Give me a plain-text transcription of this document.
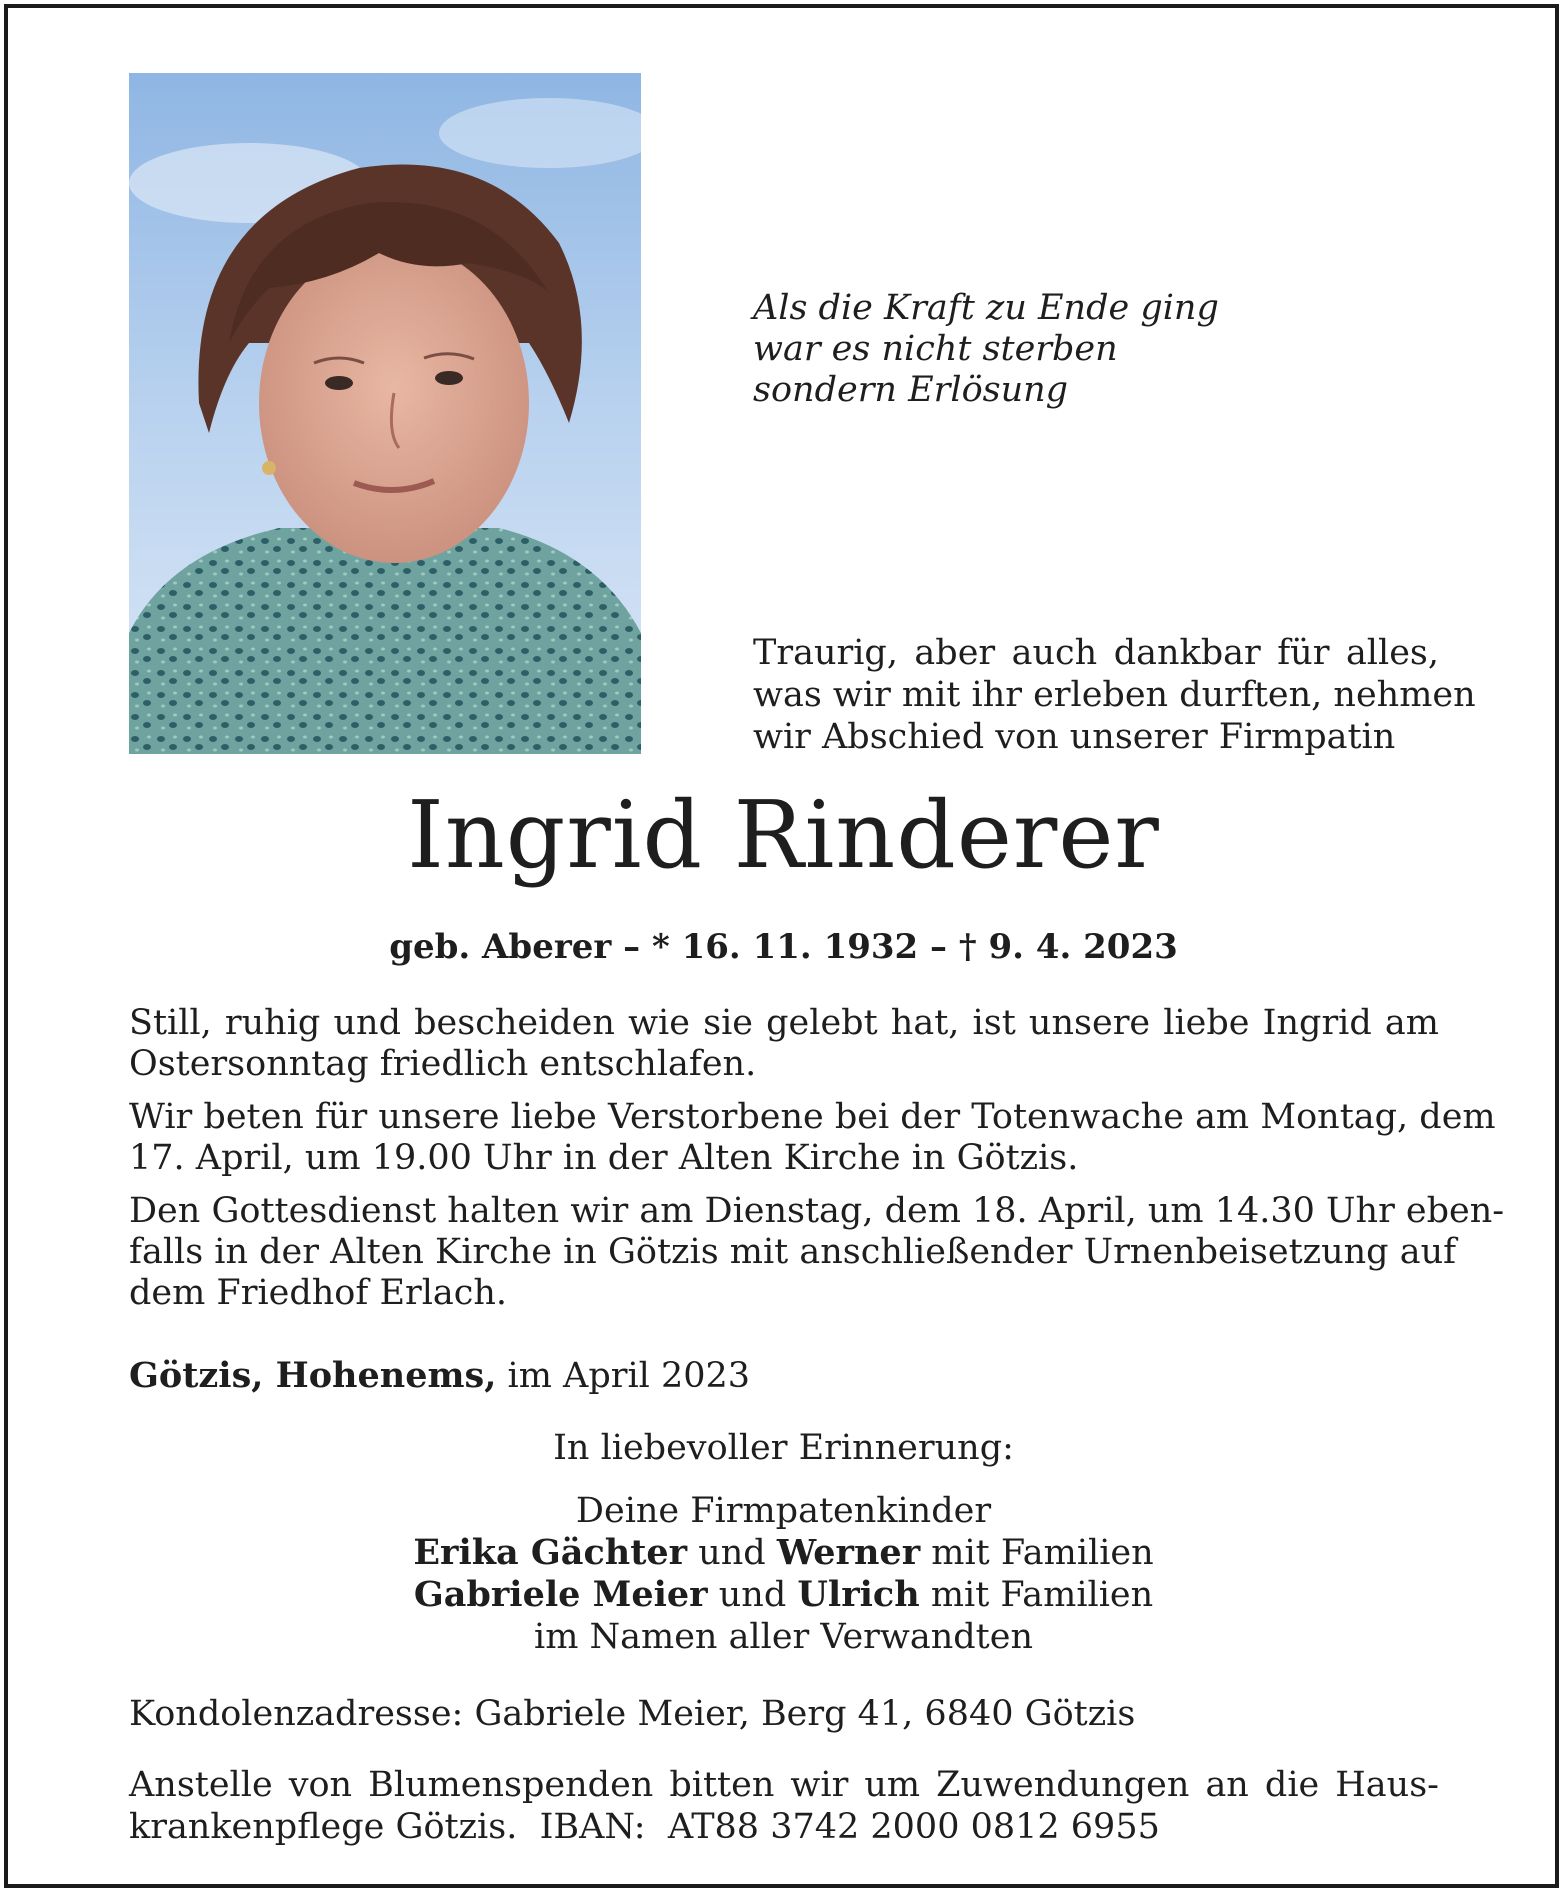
Als die Kraft zu Ende ging
war es nicht sterben
sondern Erlösung
Traurig, aber auch dankbar für alles,
was wir mit ihr erleben durften, nehmen
wir Abschied von unserer Firmpatin
Ingrid Rinderer
geb. Aberer – * 16. 11. 1932 – † 9. 4. 2023
Still, ruhig und bescheiden wie sie gelebt hat, ist unsere liebe Ingrid am
Ostersonntag friedlich entschlafen.
Wir beten für unsere liebe Verstorbene bei der Totenwache am Montag, dem
17. April, um 19.00 Uhr in der Alten Kirche in Götzis.
Den Gottesdienst halten wir am Dienstag, dem 18. April, um 14.30 Uhr eben-
falls in der Alten Kirche in Götzis mit anschließender Urnenbeisetzung auf
dem Friedhof Erlach.
Götzis, Hohenems, im April 2023
In liebevoller Erinnerung:
Deine Firmpatenkinder
Erika Gächter und Werner mit Familien
Gabriele Meier und Ulrich mit Familien
im Namen aller Verwandten
Kondolenzadresse: Gabriele Meier, Berg 41, 6840 Götzis
Anstelle von Blumenspenden bitten wir um Zuwendungen an die Haus-
krankenpflege Götzis.  IBAN:  AT88 3742 2000 0812 6955
